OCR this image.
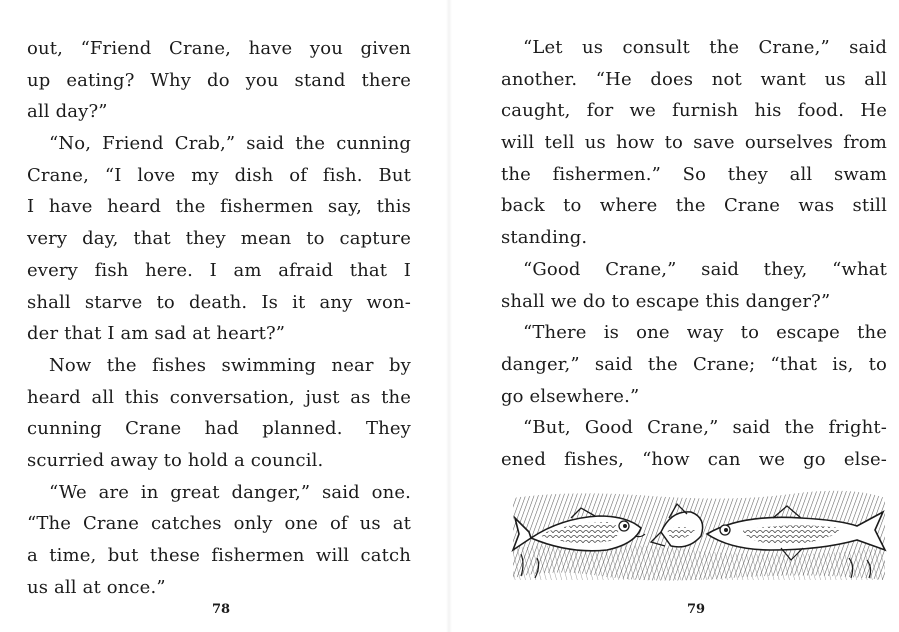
out, “Friend Crane, have you given
up eating? Why do you stand there
all day?”
“No, Friend Crab,” said the cunning
Crane, “I love my dish of fish. But
I have heard the fishermen say, this
very day, that they mean to capture
every fish here. I am afraid that I
shall starve to death. Is it any won-
der that I am sad at heart?”
Now the fishes swimming near by
heard all this conversation, just as the
cunning Crane had planned. They
scurried away to hold a council.
“We are in great danger,” said one.
“The Crane catches only one of us at
a time, but these fishermen will catch
us all at once.”
78
“Let us consult the Crane,” said
another. “He does not want us all
caught, for we furnish his food. He
will tell us how to save ourselves from
the fishermen.” So they all swam
back to where the Crane was still
standing.
“Good Crane,” said they, “what
shall we do to escape this danger?”
“There is one way to escape the
danger,” said the Crane; “that is, to
go elsewhere.”
“But, Good Crane,” said the fright-
ened fishes, “how can we go else-
79
